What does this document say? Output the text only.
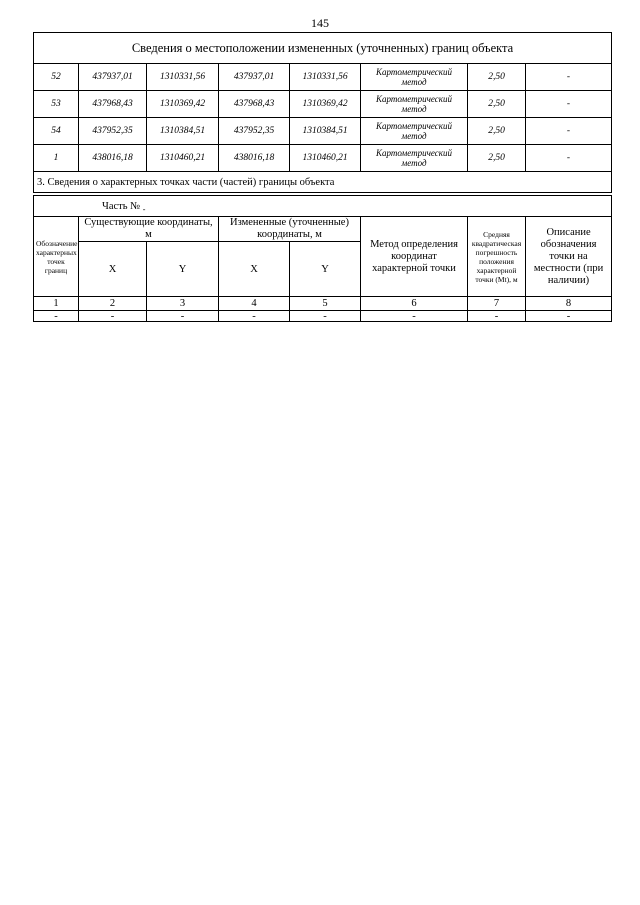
145
Сведения о местоположении измененных (уточненных) границ объекта							
52	437937,01	1310331,56	437937,01	1310331,56	Картометрический метод	2,50	-
53	437968,43	1310369,42	437968,43	1310369,42	Картометрический метод	2,50	-
54	437952,35	1310384,51	437952,35	1310384,51	Картометрический метод	2,50	-
1	438016,18	1310460,21	438016,18	1310460,21	Картометрический метод	2,50	-
3. Сведения о характерных точках части (частей) границы объекта							
Часть № $_-$
Обозначение характерных точек границ	Существующие координаты, м		Измененные (уточненные) координаты, м		Метод определения координат характерной точки	Средняя квадратическая погрешность положения характерной точки (Мt), м	Описание обозначения точки на местности (при наличии)
	X	Y	X	Y			
1	2	3	4	5	6	7	8
-	-	-	-	-	-	-	-
